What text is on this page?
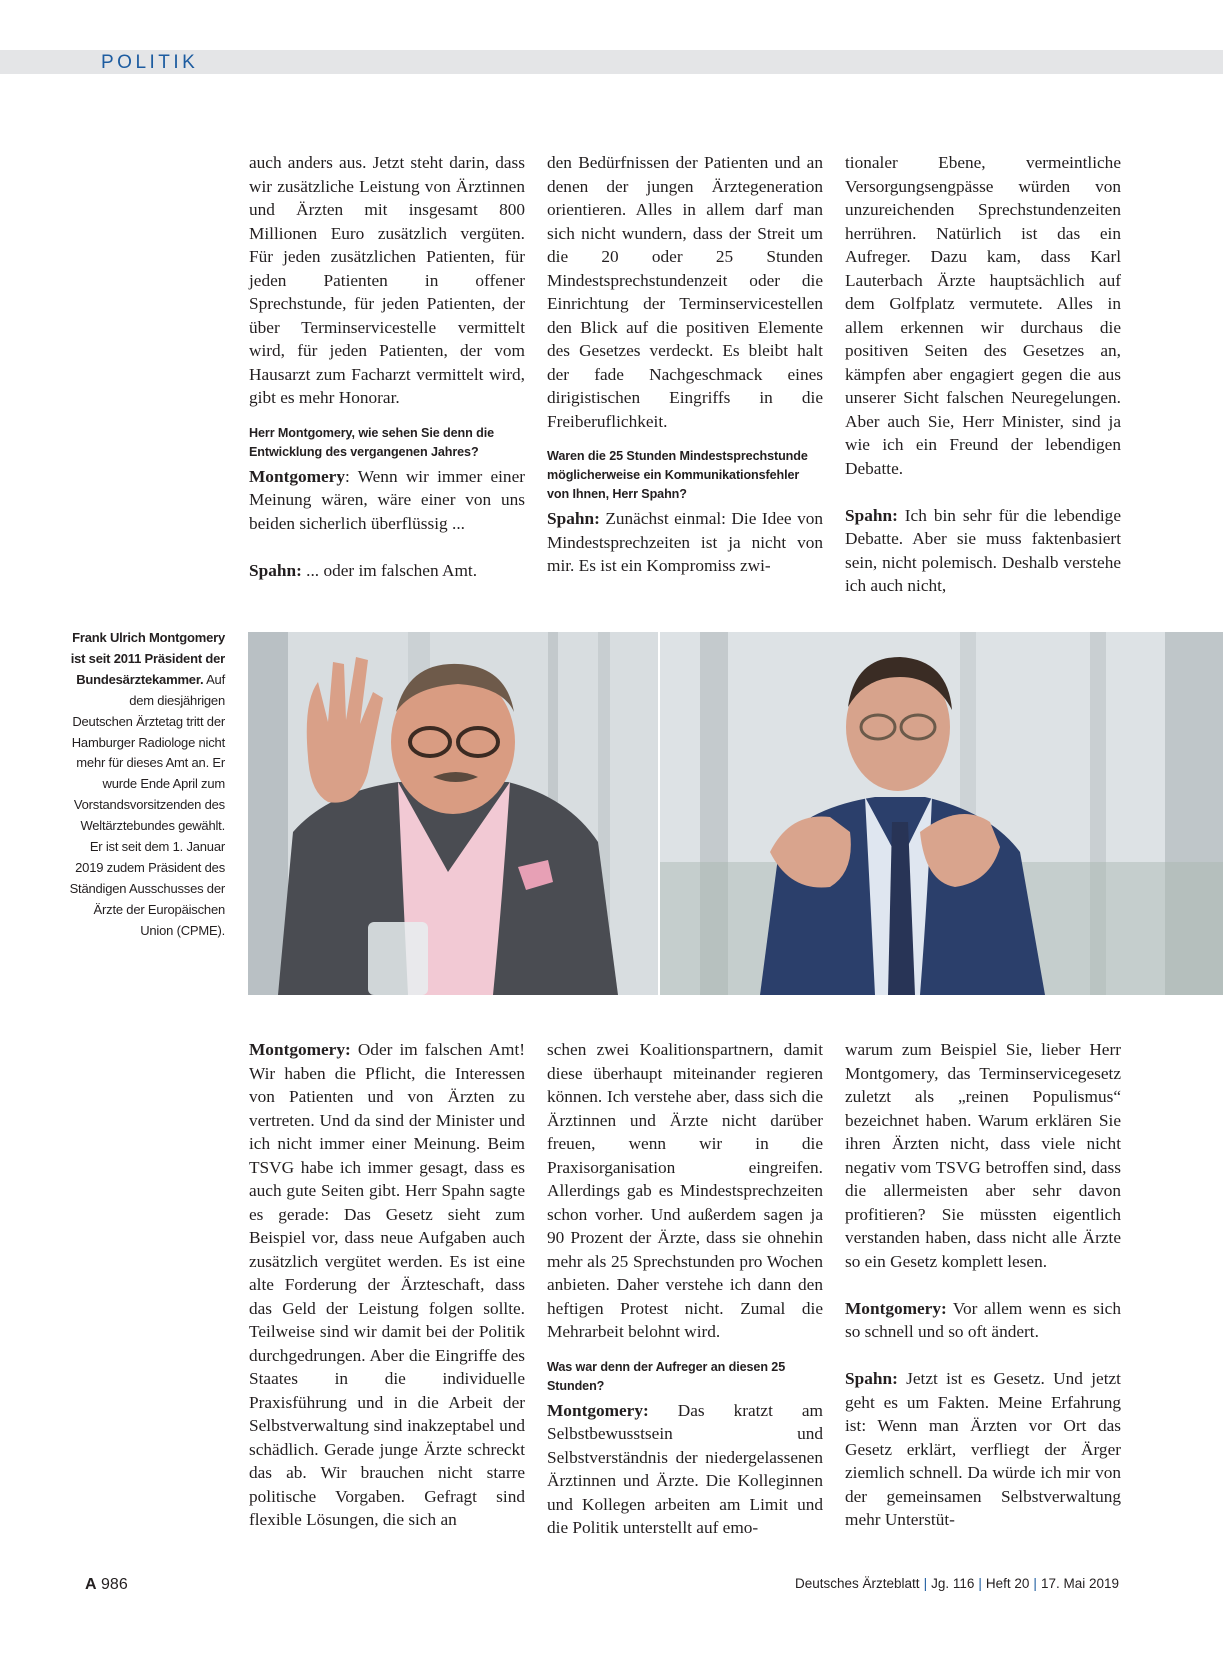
POLITIK

auch anders aus. Jetzt steht darin, dass wir zusätzliche Leistung von Ärztinnen und Ärzten mit insgesamt 800 Millionen Euro zusätzlich vergüten. Für jeden zusätzlichen Patienten, für jeden Patienten in offener Sprechstunde, für jeden Patienten, der über Terminservicestelle vermittelt wird, für jeden Patienten, der vom Hausarzt zum Facharzt vermittelt wird, gibt es mehr Honorar.

Herr Montgomery, wie sehen Sie denn die Entwicklung des vergangenen Jahres?

Montgomery: Wenn wir immer einer Meinung wären, wäre einer von uns beiden sicherlich überflüssig ...

Spahn: ... oder im falschen Amt.

den Bedürfnissen der Patienten und an denen der jungen Ärztegeneration orientieren. Alles in allem darf man sich nicht wundern, dass der Streit um die 20 oder 25 Stunden Mindestsprechstundenzeit oder die Einrichtung der Terminservicestellen den Blick auf die positiven Elemente des Gesetzes verdeckt. Es bleibt halt der fade Nachgeschmack eines dirigistischen Eingriffs in die Freiberuflichkeit.

Waren die 25 Stunden Mindestsprechstunde möglicherweise ein Kommunikationsfehler von Ihnen, Herr Spahn?

Spahn: Zunächst einmal: Die Idee von Mindestsprechzeiten ist ja nicht von mir. Es ist ein Kompromiss zwi-

tionaler Ebene, vermeintliche Versorgungsengpässe würden von unzureichenden Sprechstundenzeiten herrühren. Natürlich ist das ein Aufreger. Dazu kam, dass Karl Lauterbach Ärzte hauptsächlich auf dem Golfplatz vermutete. Alles in allem erkennen wir durchaus die positiven Seiten des Gesetzes an, kämpfen aber engagiert gegen die aus unserer Sicht falschen Neuregelungen. Aber auch Sie, Herr Minister, sind ja wie ich ein Freund der lebendigen Debatte.

Spahn: Ich bin sehr für die lebendige Debatte. Aber sie muss faktenbasiert sein, nicht polemisch. Deshalb verstehe ich auch nicht,

Frank Ulrich Montgomery ist seit 2011 Präsident der Bundesärztekammer. Auf dem diesjährigen Deutschen Ärztetag tritt der Hamburger Radiologe nicht mehr für dieses Amt an. Er wurde Ende April zum Vorstandsvorsitzenden des Weltärztebundes gewählt. Er ist seit dem 1. Januar 2019 zudem Präsident des Ständigen Ausschusses der Ärzte der Europäischen Union (CPME).

Montgomery: Oder im falschen Amt! Wir haben die Pflicht, die Interessen von Patienten und von Ärzten zu vertreten. Und da sind der Minister und ich nicht immer einer Meinung. Beim TSVG habe ich immer gesagt, dass es auch gute Seiten gibt. Herr Spahn sagte es gerade: Das Gesetz sieht zum Beispiel vor, dass neue Aufgaben auch zusätzlich vergütet werden. Es ist eine alte Forderung der Ärzteschaft, dass das Geld der Leistung folgen sollte. Teilweise sind wir damit bei der Politik durchgedrungen. Aber die Eingriffe des Staates in die individuelle Praxisführung und in die Arbeit der Selbstverwaltung sind inakzeptabel und schädlich. Gerade junge Ärzte schreckt das ab. Wir brauchen nicht starre politische Vorgaben. Gefragt sind flexible Lösungen, die sich an

schen zwei Koalitionspartnern, damit diese überhaupt miteinander regieren können. Ich verstehe aber, dass sich die Ärztinnen und Ärzte nicht darüber freuen, wenn wir in die Praxisorganisation eingreifen. Allerdings gab es Mindestsprechzeiten schon vorher. Und außerdem sagen ja 90 Prozent der Ärzte, dass sie ohnehin mehr als 25 Sprechstunden pro Wochen anbieten. Daher verstehe ich dann den heftigen Protest nicht. Zumal die Mehrarbeit belohnt wird.

Was war denn der Aufreger an diesen 25 Stunden?

Montgomery: Das kratzt am Selbstbewusstsein und Selbstverständnis der niedergelassenen Ärztinnen und Ärzte. Die Kolleginnen und Kollegen arbeiten am Limit und die Politik unterstellt auf emo-

warum zum Beispiel Sie, lieber Herr Montgomery, das Terminservicegesetz zuletzt als „reinen Populismus“ bezeichnet haben. Warum erklären Sie ihren Ärzten nicht, dass viele nicht negativ vom TSVG betroffen sind, dass die allermeisten aber sehr davon profitieren? Sie müssten eigentlich verstanden haben, dass nicht alle Ärzte so ein Gesetz komplett lesen.

Montgomery: Vor allem wenn es sich so schnell und so oft ändert.

Spahn: Jetzt ist es Gesetz. Und jetzt geht es um Fakten. Meine Erfahrung ist: Wenn man Ärzten vor Ort das Gesetz erklärt, verfliegt der Ärger ziemlich schnell. Da würde ich mir von der gemeinsamen Selbstverwaltung mehr Unterstüt-

A 986	Deutsches Ärzteblatt | Jg. 116 | Heft 20 | 17. Mai 2019
